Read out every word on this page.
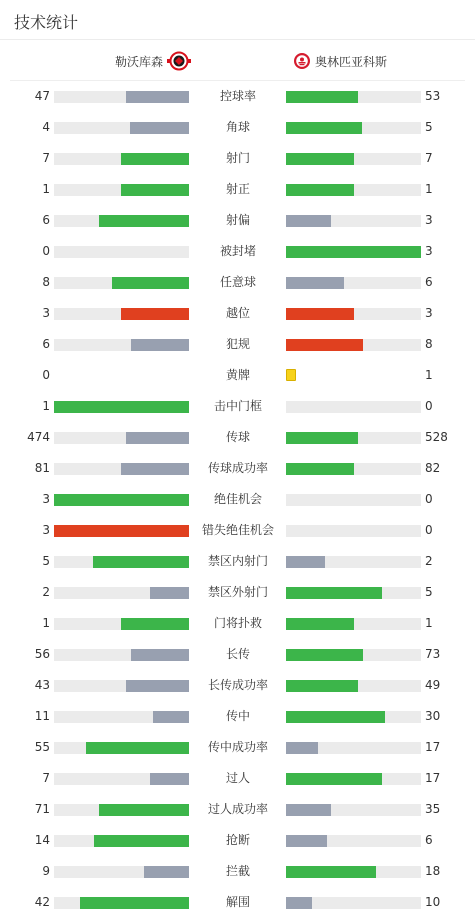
技术统计
勒沃库森	奥林匹亚科斯
47	控球率	53
4	角球	5
7	射门	7
1	射正	1
6	射偏	3
0	被封堵	3
8	任意球	6
3	越位	3
6	犯规	8
0	黄牌	1
1	击中门框	0
474	传球	528
81	传球成功率	82
3	绝佳机会	0
3	错失绝佳机会	0
5	禁区内射门	2
2	禁区外射门	5
1	门将扑救	1
56	长传	73
43	长传成功率	49
11	传中	30
55	传中成功率	17
7	过人	17
71	过人成功率	35
14	抢断	6
9	拦截	18
42	解围	10
